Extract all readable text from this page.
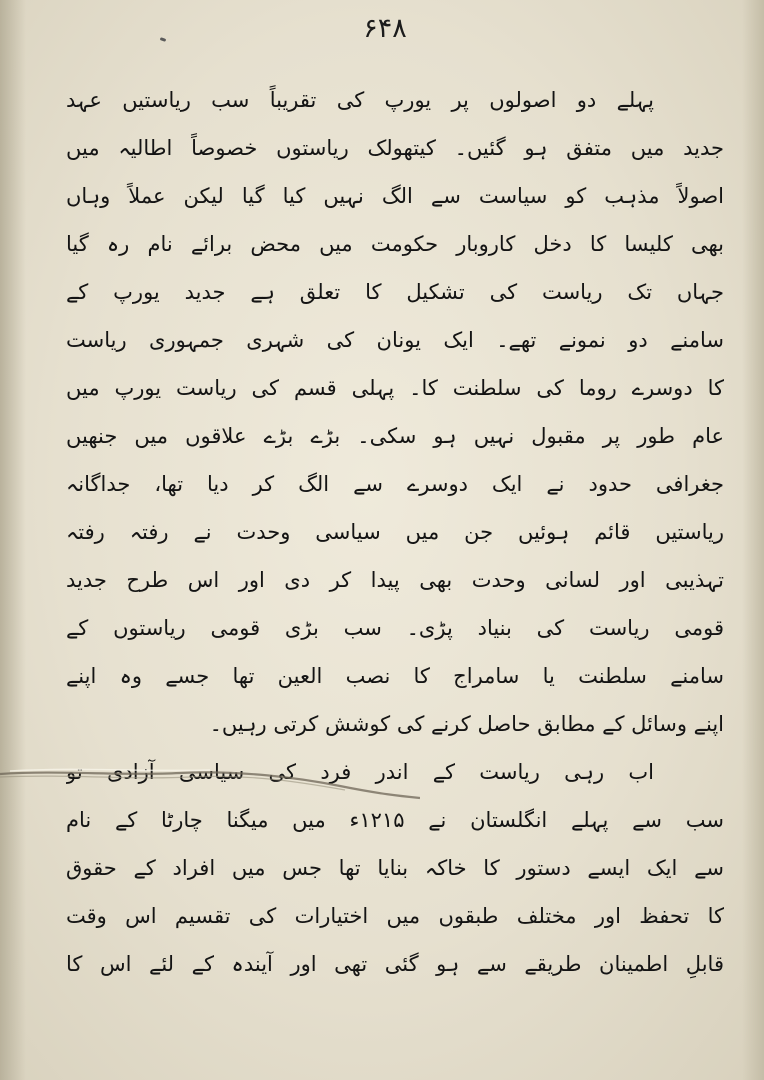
۶۴۸
پہلے دو اصولوں پر یورپ کی تقریباً سب ریاستیں عہد
جدید میں متفق ہو گئیں۔ کیتھولک ریاستوں خصوصاً اطالیہ میں
اصولاً مذہب کو سیاست سے الگ نہیں کیا گیا لیکن عملاً وہاں
بھی کلیسا کا دخل کاروبار حکومت میں محض برائے نام رہ گیا
جہاں تک ریاست کی تشکیل کا تعلق ہے جدید یورپ کے
سامنے دو نمونے تھے۔ ایک یونان کی شہری جمہوری ریاست
کا دوسرے روما کی سلطنت کا۔ پہلی قسم کی ریاست یورپ میں
عام طور پر مقبول نہیں ہو سکی۔ بڑے بڑے علاقوں میں جنھیں
جغرافی حدود نے ایک دوسرے سے الگ کر دیا تھا، جداگانہ
ریاستیں قائم ہوئیں جن میں سیاسی وحدت نے رفتہ رفتہ
تہذیبی اور لسانی وحدت بھی پیدا کر دی اور اس طرح جدید
قومی ریاست کی بنیاد پڑی۔ سب بڑی قومی ریاستوں کے
سامنے سلطنت یا سامراج کا نصب العین تھا جسے وہ اپنے
اپنے وسائل کے مطابق حاصل کرنے کی کوشش کرتی رہیں۔
اب رہی ریاست کے اندر فرد کی سیاسی آزادی تو
سب سے پہلے انگلستان نے ۱۲۱۵ء میں میگنا چارٹا کے نام
سے ایک ایسے دستور کا خاکہ بنایا تھا جس میں افراد کے حقوق
کا تحفظ اور مختلف طبقوں میں اختیارات کی تقسیم اس وقت
قابلِ اطمینان طریقے سے ہو گئی تھی اور آیندہ کے لئے اس کا
